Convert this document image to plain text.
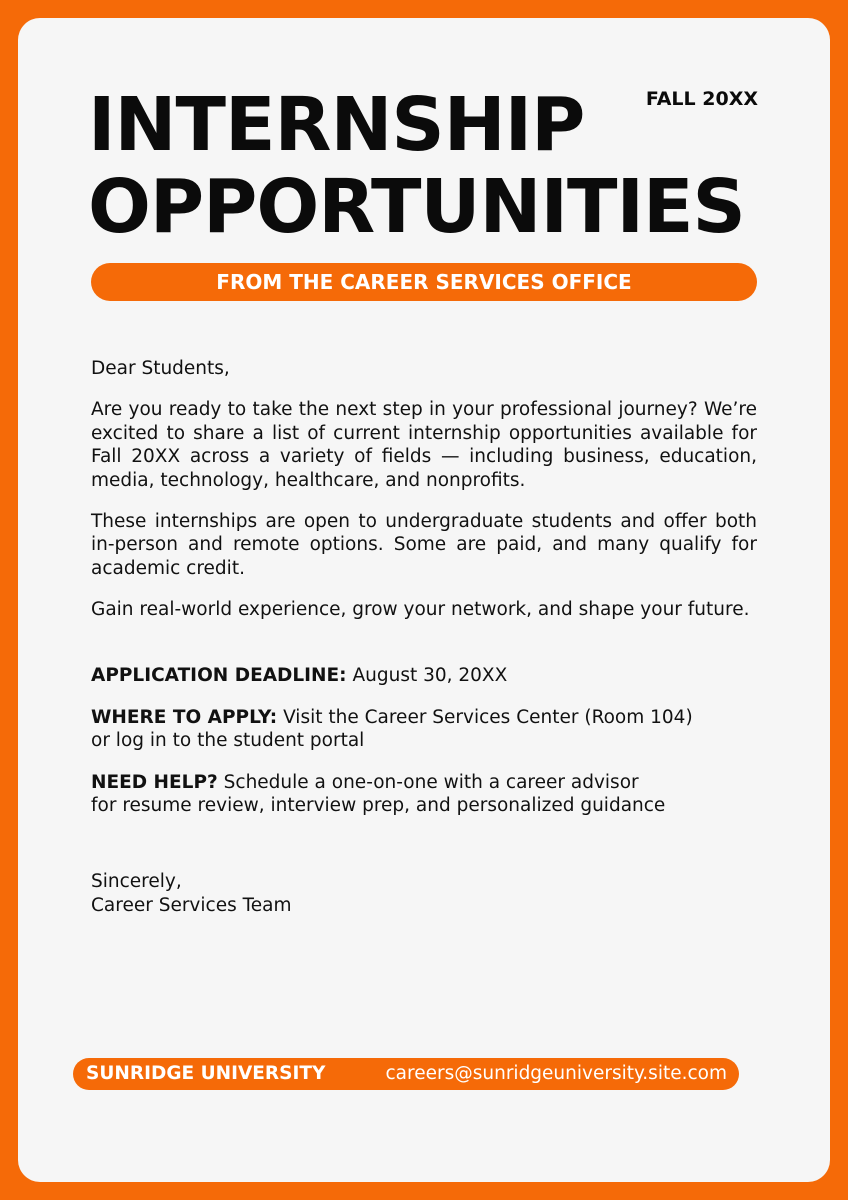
INTERNSHIP
OPPORTUNITIES
FALL 20XX
FROM THE CAREER SERVICES OFFICE

Dear Students,

Are you ready to take the next step in your professional journey? We’re excited to share a list of current internship opportunities available for Fall 20XX across a variety of fields — including business, education, media, technology, healthcare, and nonprofits.

These internships are open to undergraduate students and offer both in-person and remote options. Some are paid, and many qualify for academic credit.

Gain real-world experience, grow your network, and shape your future.

APPLICATION DEADLINE: August 30, 20XX
WHERE TO APPLY: Visit the Career Services Center (Room 104)
or log in to the student portal
NEED HELP? Schedule a one-on-one with a career advisor
for resume review, interview prep, and personalized guidance
Sincerely,
Career Services Team
SUNRIDGE UNIVERSITY	careers@sunridgeuniversity.site.com
